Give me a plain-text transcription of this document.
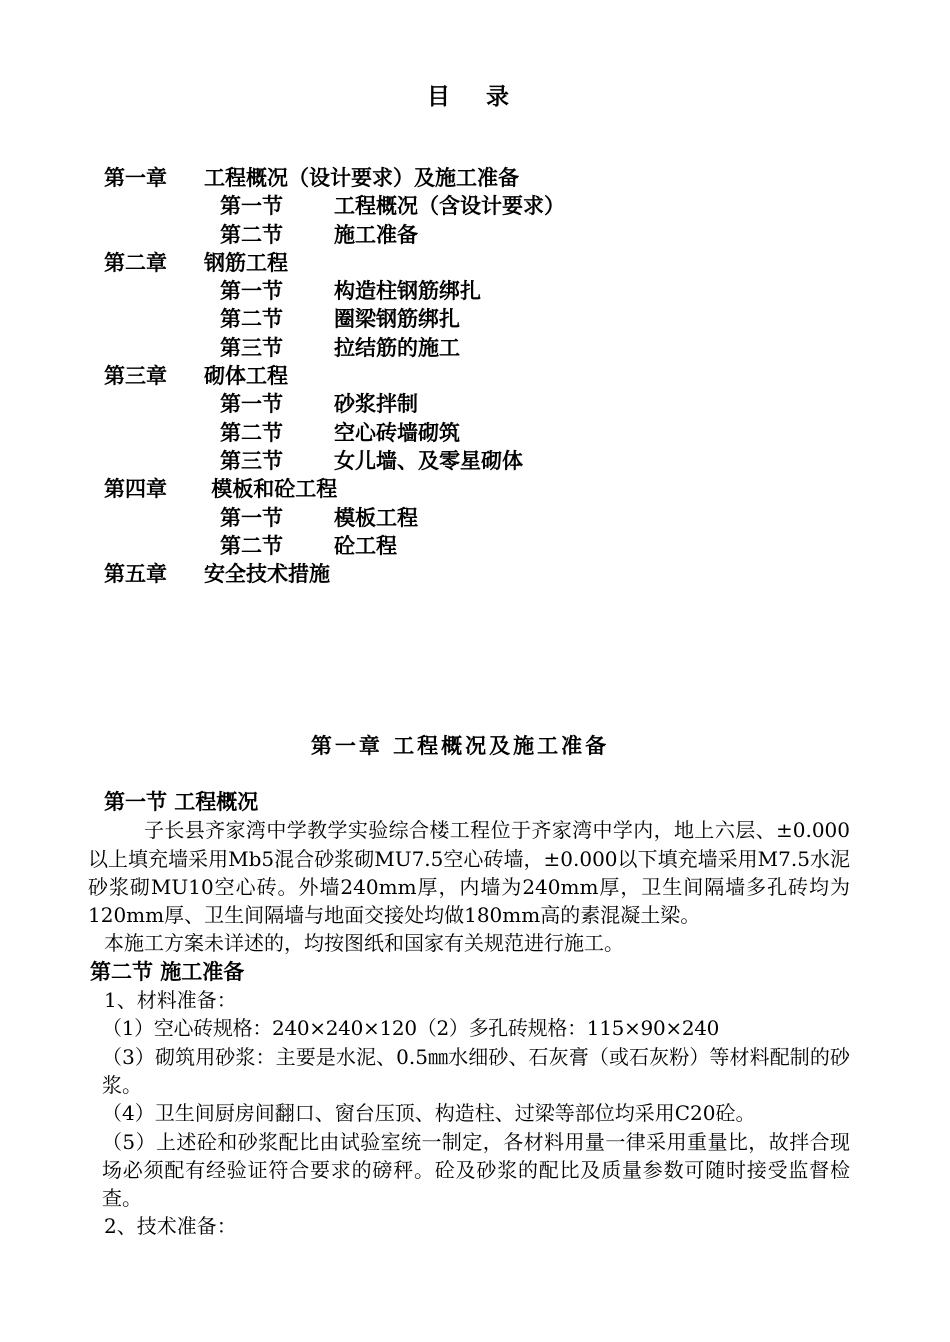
目 录
第一章 工程概况（设计要求）及施工准备
第一节 工程概况（含设计要求）
第二节 施工准备
第二章 钢筋工程
第一节 构造柱钢筋绑扎
第二节 圈梁钢筋绑扎
第三节 拉结筋的施工
第三章 砌体工程
第一节 砂浆拌制
第二节 空心砖墙砌筑
第三节 女儿墙、及零星砌体
第四章 模板和砼工程
第一节 模板工程
第二节 砼工程
第五章 安全技术措施
第一章 工程概况及施工准备
第一节 工程概况
子长县齐家湾中学教学实验综合楼工程位于齐家湾中学内，地上六层、±0.000以上填充墙采用Mb5混合砂浆砌MU7.5空心砖墙，±0.000以下填充墙采用M7.5水泥砂浆砌MU10空心砖。外墙240mm厚，内墙为240mm厚，卫生间隔墙多孔砖均为120mm厚、卫生间隔墙与地面交接处均做180mm高的素混凝土梁。
本施工方案未详述的，均按图纸和国家有关规范进行施工。
第二节 施工准备
1、材料准备：
（1）空心砖规格：240×240×120（2）多孔砖规格：115×90×240
（3）砌筑用砂浆：主要是水泥、0.5㎜水细砂、石灰膏（或石灰粉）等材料配制的砂浆。
（4）卫生间厨房间翻口、窗台压顶、构造柱、过梁等部位均采用C20砼。
（5）上述砼和砂浆配比由试验室统一制定，各材料用量一律采用重量比，故拌合现场必须配有经验证符合要求的磅秤。砼及砂浆的配比及质量参数可随时接受监督检查。
2、技术准备：
